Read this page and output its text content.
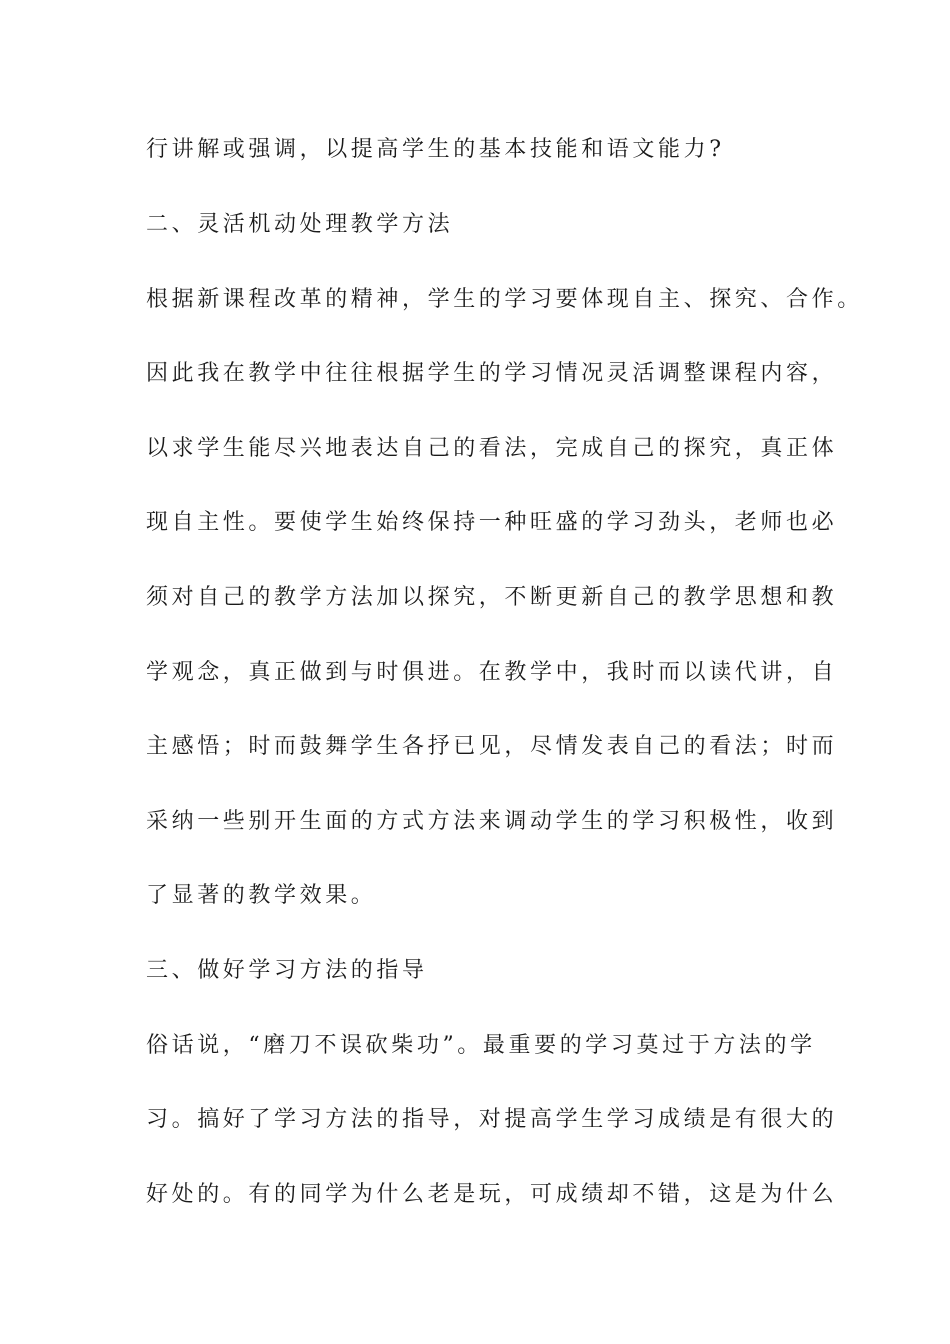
行讲解或强调，以提高学生的基本技能和语文能力?
二、灵活机动处理教学方法
根据新课程改革的精神，学生的学习要体现自主、探究、合作。
因此我在教学中往往根据学生的学习情况灵活调整课程内容，
以求学生能尽兴地表达自己的看法，完成自己的探究，真正体
现自主性。要使学生始终保持一种旺盛的学习劲头，老师也必
须对自己的教学方法加以探究，不断更新自己的教学思想和教
学观念，真正做到与时俱进。在教学中，我时而以读代讲，自
主感悟；时而鼓舞学生各抒已见，尽情发表自己的看法；时而
采纳一些别开生面的方式方法来调动学生的学习积极性，收到
了显著的教学效果。
三、做好学习方法的指导
俗话说，“磨刀不误砍柴功”。最重要的学习莫过于方法的学
习。搞好了学习方法的指导，对提高学生学习成绩是有很大的
好处的。有的同学为什么老是玩，可成绩却不错，这是为什么
